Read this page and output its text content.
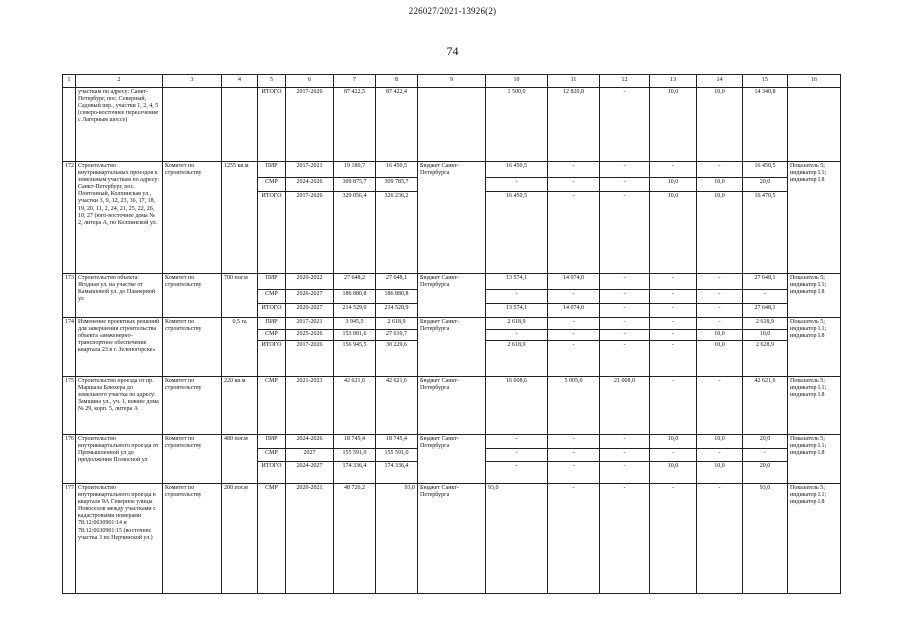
226027/2021-13926(2)
74
1	2	3	4	5	6	7	8	9	10	11	12	13	14	15	16
	участкам по адресу: Санкт-Петербург, пос. Северный, Садовый пер., участки 1, 2, 4, 5 (северо-восточнее пересечения с Лагерным шоссе)			ИТОГО	2017-2026	87 422,5	87 422,4		1 500,0	12 820,8	-	10,0	10,0	14 340,8	
172	Строительство внутриквартальных проездов к земельным участкам по адресу: Санкт-Петербург, пос. Понтонный, Колпинская ул., участки 3, 9, 12, 23, 36, 17, 18, 19, 20, 11, 2, 24, 21, 25, 22, 26, 10, 27 (юго-восточнее дома № 2, литера А, по Колпинской ул.	Комитет по строительству	1255 кв.м	ПИР	2017-2021	19 180,7	16 450,5	Бюджет Санкт-Петербурга	16 450,5	-	-	-	-	16 450,5	Показатель 5; индикатор I.1; индикатор I.8
				СМР	2024-2026	309 875,7	309 785,7		-	-	-	10,0	10,0	20,0	
				ИТОГО	2017-2026	329 056,4	326 236,2		16 450,5	-	-	10,0	10,0	16 470,5	
173	Строительство объекта: Ягодная ул. на участке от Камышовой ул. до Планерной ул	Комитет по строительству	700 пог.м	ПИР	2020-2022	27 648,2	27 648,1	Бюджет Санкт-Петербурга	13 574,1	14 074,0	-	-	-	27 648,1	Показатель 5; индикатор I.1; индикатор I.8
				СМР	2026-2027	186 880,8	186 880,8		-	-	-	-	-	-	
				ИТОГО	2020-2027	214 529,0	214 528,9		13 574,1	14 074,0	-	-	-	27 648,1	
174	Изменение проектных решений для завершения строительства объекта «инженерно-транспортное обеспечение квартала 23 в г. Зеленогорске»	Комитет по строительству	0,5 га	ПИР	2017-2021	3 945,5	2 618,9	Бюджет Санкт-Петербурга	2 618,9	-	-	-	-	2 618,9	Показатель 5; индикатор I.1; индикатор I.8
				СМР	2025-2026	153 001,6	27 610,7		-	-	-	-	10,0	10,0	
				ИТОГО	2017-2026	156 945,5	30 229,6		2 618,9	-	-	-	10,0	2 628,9	
175	Строительство проезда от пр. Маршала Блюхера до земельного участка по адресу: Замшина ул., уч. 1, южнее дома № 29, корп. 5, литера А	Комитет по строительству	220 кв.м	СМР	2021-2023	42 621,6	42 621,6	Бюджет Санкт-Петербурга	16 608,6	5 005,0	21 008,0	-	-	42 621,6	Показатель 5; индикатор I.1; индикатор I.8
176	Строительство внутриквартального проезда от Промышленной ул до продолжения Полюсной ул	Комитет по строительству	480 пог.м	ПИР	2024-2026	18 745,4	18 745,4	Бюджет Санкт-Петербурга	-	-	-	10,0	10,0	20,0	Показатель 5; индикатор I.1; индикатор I.8
				СМР	2027	155 591,0	155 591,0		-	-	-	-	-	-	
				ИТОГО	2024-2027	174 336,4	174 336,4		-	-	-	10,0	10,0	20,0	
177	Строительство внутриквартального проезда в квартале 9А Северное улицы Новоселов между участками с кадастровыми номерами 78:12:0630901:14 и 78:12:0630901:15 (восточнее участка 3 по Нерчинской ул.)	Комитет по строительству	200 пог.м	СМР	2020-2021	48 726,2	93,0	Бюджет Санкт-Петербурга	93,0	-	-	-	-	93,0	Показатель 5; индикатор I.1; индикатор I.8
